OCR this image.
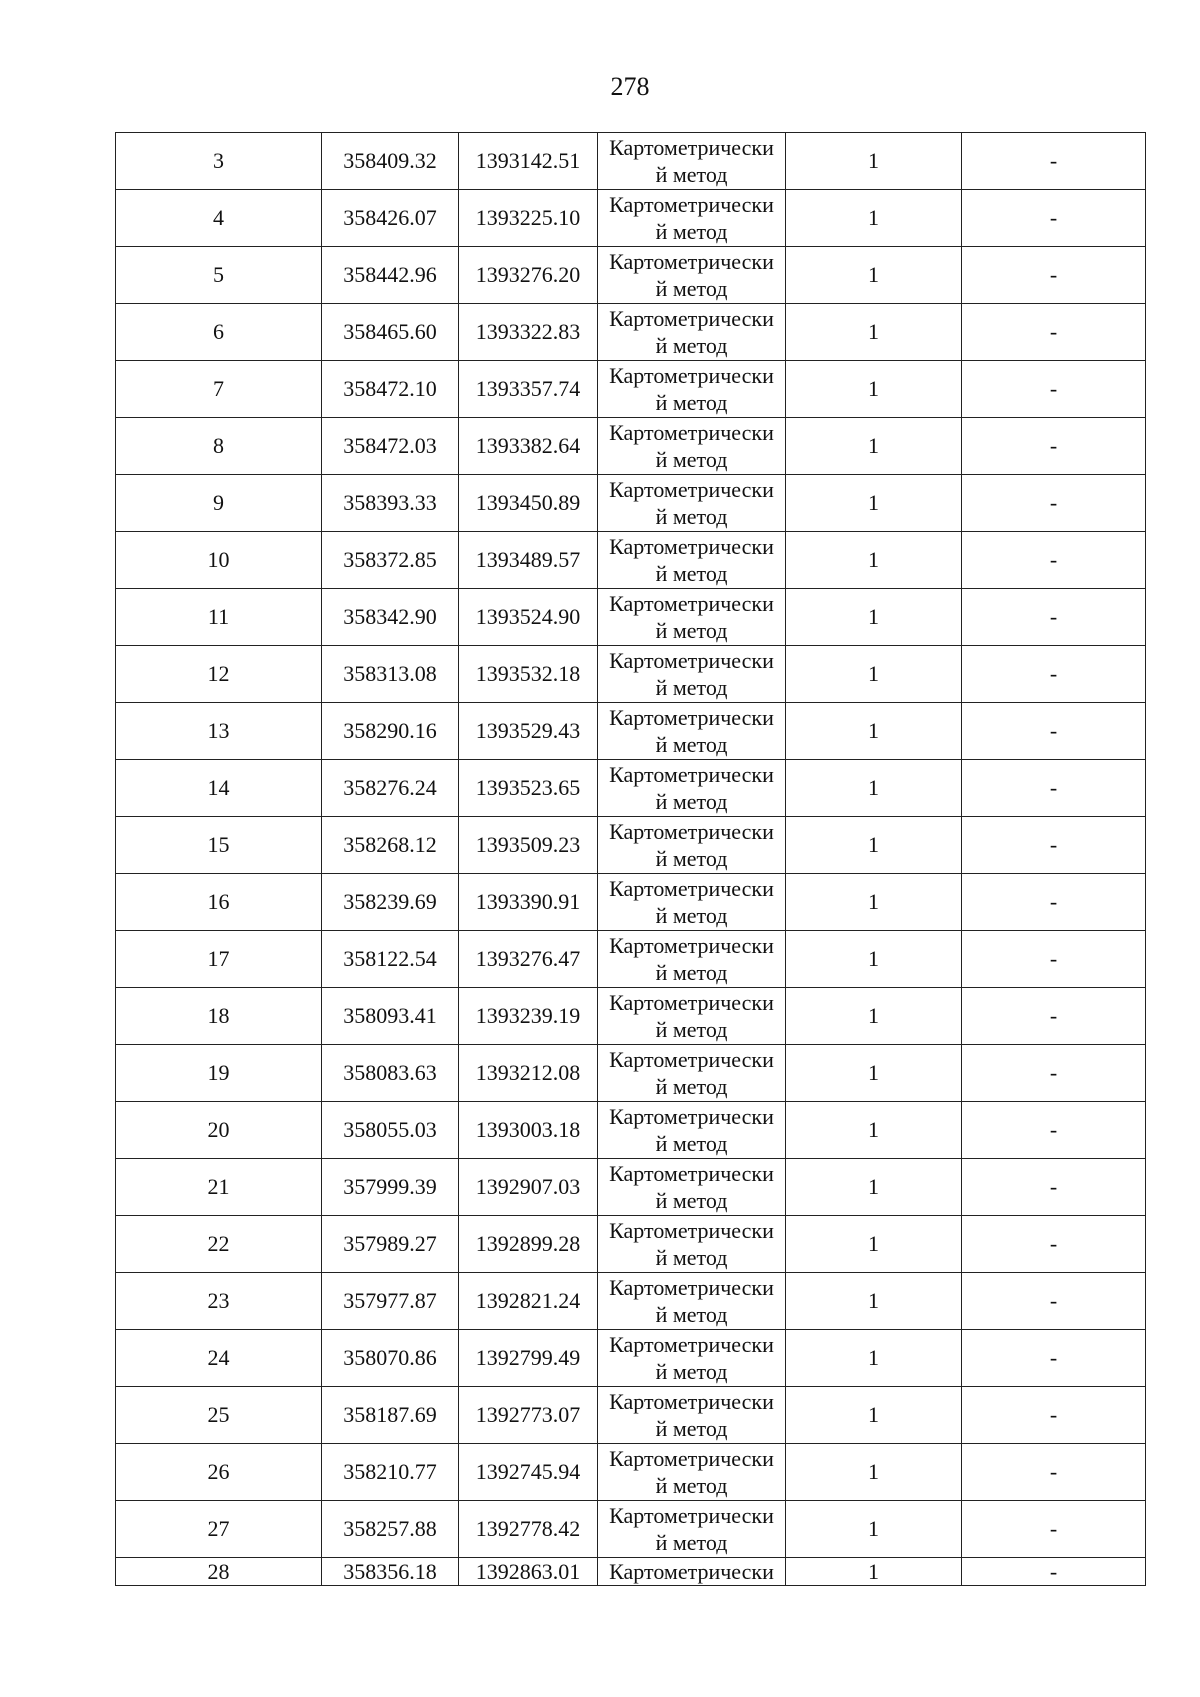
278
3	358409.32	1393142.51	Картометрически
й метод	1	-
4	358426.07	1393225.10	Картометрически
й метод	1	-
5	358442.96	1393276.20	Картометрически
й метод	1	-
6	358465.60	1393322.83	Картометрически
й метод	1	-
7	358472.10	1393357.74	Картометрически
й метод	1	-
8	358472.03	1393382.64	Картометрически
й метод	1	-
9	358393.33	1393450.89	Картометрически
й метод	1	-
10	358372.85	1393489.57	Картометрически
й метод	1	-
11	358342.90	1393524.90	Картометрически
й метод	1	-
12	358313.08	1393532.18	Картометрически
й метод	1	-
13	358290.16	1393529.43	Картометрически
й метод	1	-
14	358276.24	1393523.65	Картометрически
й метод	1	-
15	358268.12	1393509.23	Картометрически
й метод	1	-
16	358239.69	1393390.91	Картометрически
й метод	1	-
17	358122.54	1393276.47	Картометрически
й метод	1	-
18	358093.41	1393239.19	Картометрически
й метод	1	-
19	358083.63	1393212.08	Картометрически
й метод	1	-
20	358055.03	1393003.18	Картометрически
й метод	1	-
21	357999.39	1392907.03	Картометрически
й метод	1	-
22	357989.27	1392899.28	Картометрически
й метод	1	-
23	357977.87	1392821.24	Картометрически
й метод	1	-
24	358070.86	1392799.49	Картометрически
й метод	1	-
25	358187.69	1392773.07	Картометрически
й метод	1	-
26	358210.77	1392745.94	Картометрически
й метод	1	-
27	358257.88	1392778.42	Картометрически
й метод	1	-
28	358356.18	1392863.01	Картометрически	1	-
